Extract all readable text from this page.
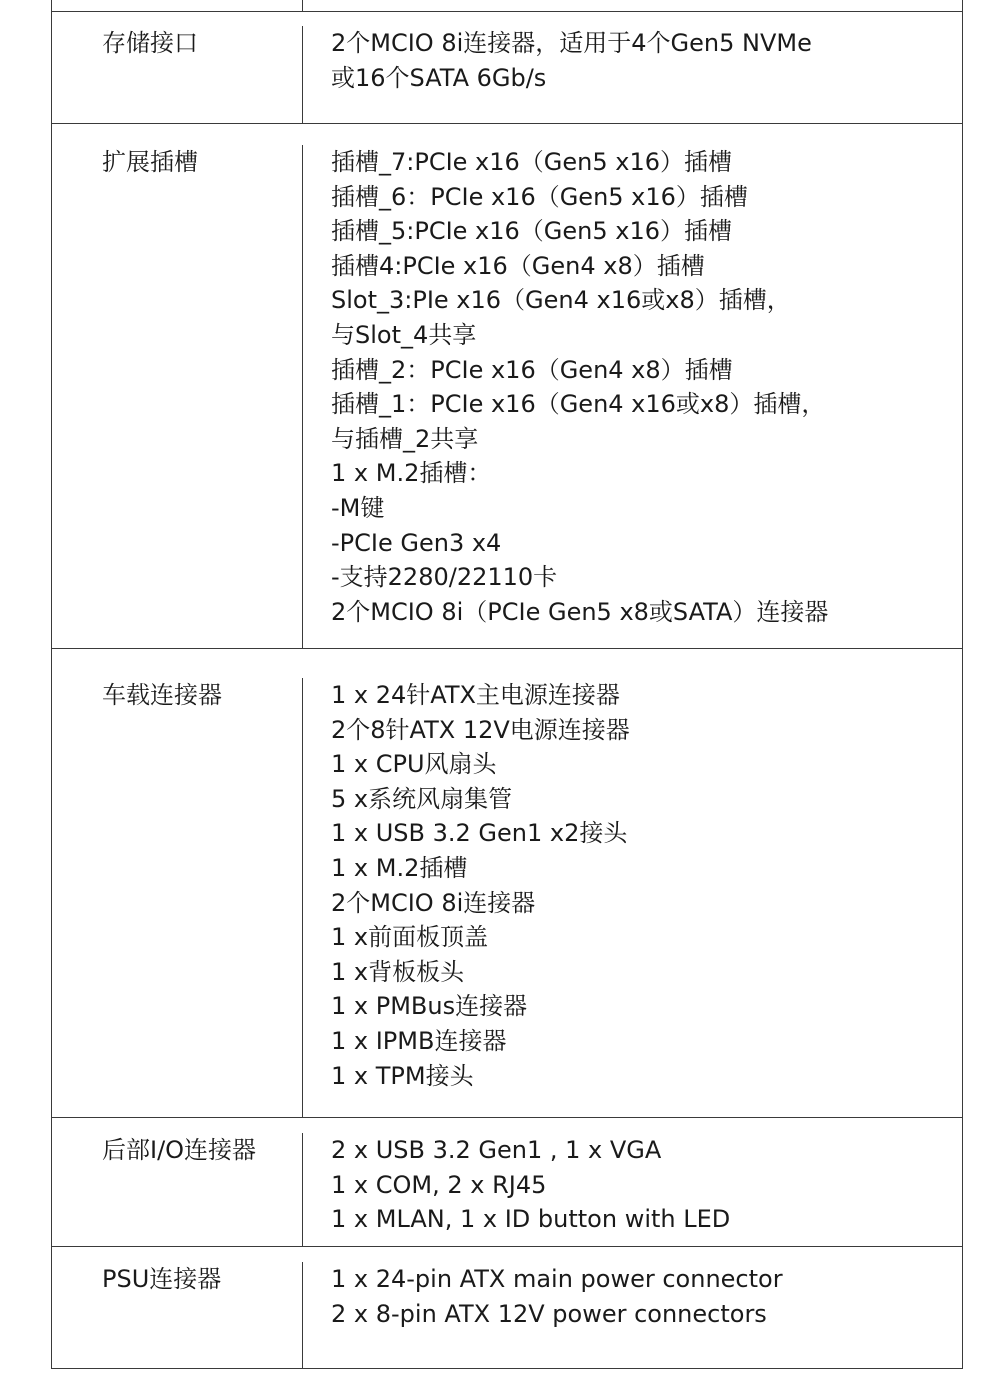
存储接口	2个MCIO 8i连接器，适用于4个Gen5 NVMe
或16个SATA 6Gb/s
扩展插槽	插槽_7:PCIe x16（Gen5 x16）插槽
插槽_6：PCIe x16（Gen5 x16）插槽
插槽_5:PCIe x16（Gen5 x16）插槽
插槽4:PCIe x16（Gen4 x8）插槽
Slot_3:PIe x16（Gen4 x16或x8）插槽，
与Slot_4共享
插槽_2：PCIe x16（Gen4 x8）插槽
插槽_1：PCIe x16（Gen4 x16或x8）插槽，
与插槽_2共享
1 x M.2插槽：
-M键
-PCIe Gen3 x4
-支持2280/22110卡
2个MCIO 8i（PCIe Gen5 x8或SATA）连接器
车载连接器	1 x 24针ATX主电源连接器
2个8针ATX 12V电源连接器
1 x CPU风扇头
5 x系统风扇集管
1 x USB 3.2 Gen1 x2接头
1 x M.2插槽
2个MCIO 8i连接器
1 x前面板顶盖
1 x背板板头
1 x PMBus连接器
1 x IPMB连接器
1 x TPM接头
后部I/O连接器	2 x USB 3.2 Gen1 , 1 x VGA
1 x COM, 2 x RJ45
1 x MLAN, 1 x ID button with LED
PSU连接器	1 x 24-pin ATX main power connector
2 x 8-pin ATX 12V power connectors
